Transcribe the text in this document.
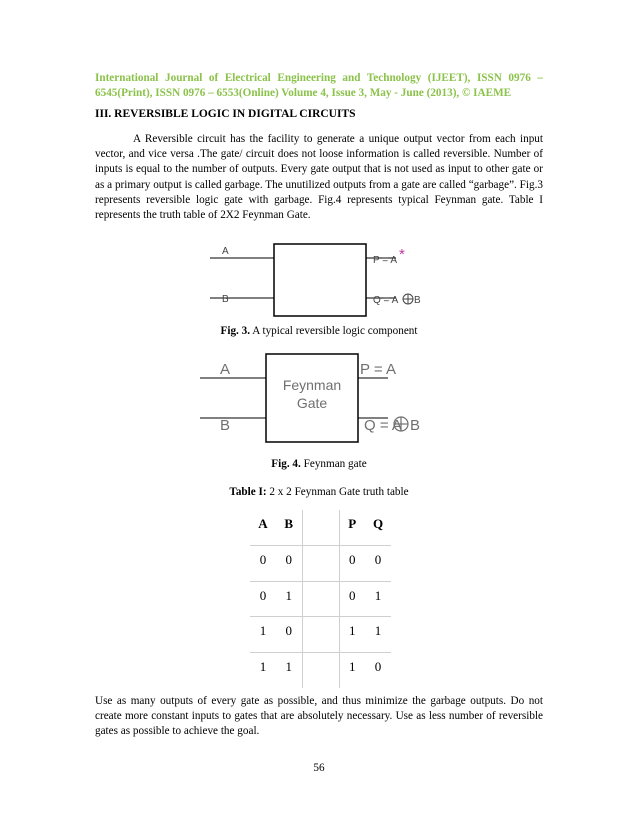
International Journal of Electrical Engineering and Technology (IJEET), ISSN 0976 – 6545(Print), ISSN 0976 – 6553(Online) Volume 4, Issue 3, May - June (2013), © IAEME
III. REVERSIBLE LOGIC IN DIGITAL CIRCUITS
A Reversible circuit has the facility to generate a unique output vector from each input vector, and vice versa .The gate/ circuit does not loose information is called reversible. Number of inputs is equal to the number of outputs. Every gate output that is not used as input to other gate or as a primary output is called garbage. The unutilized outputs from a gate are called “garbage”. Fig.3 represents reversible logic gate with garbage. Fig.4 represents typical Feynman gate. Table I represents the truth table of 2X2 Feynman Gate.
A
B
P = A *
Q = A B
Fig. 3. A typical reversible logic component
A
B
Feynman
Gate
P = A
Q = A B
Fig. 4. Feynman gate
Table I: 2 x 2 Feynman Gate truth table
A	B		P	Q
0	0		0	0
0	1		0	1
1	0		1	1
1	1		1	0
Use as many outputs of every gate as possible, and thus minimize the garbage outputs. Do not create more constant inputs to gates that are absolutely necessary. Use as less number of reversible gates as possible to achieve the goal.
56
